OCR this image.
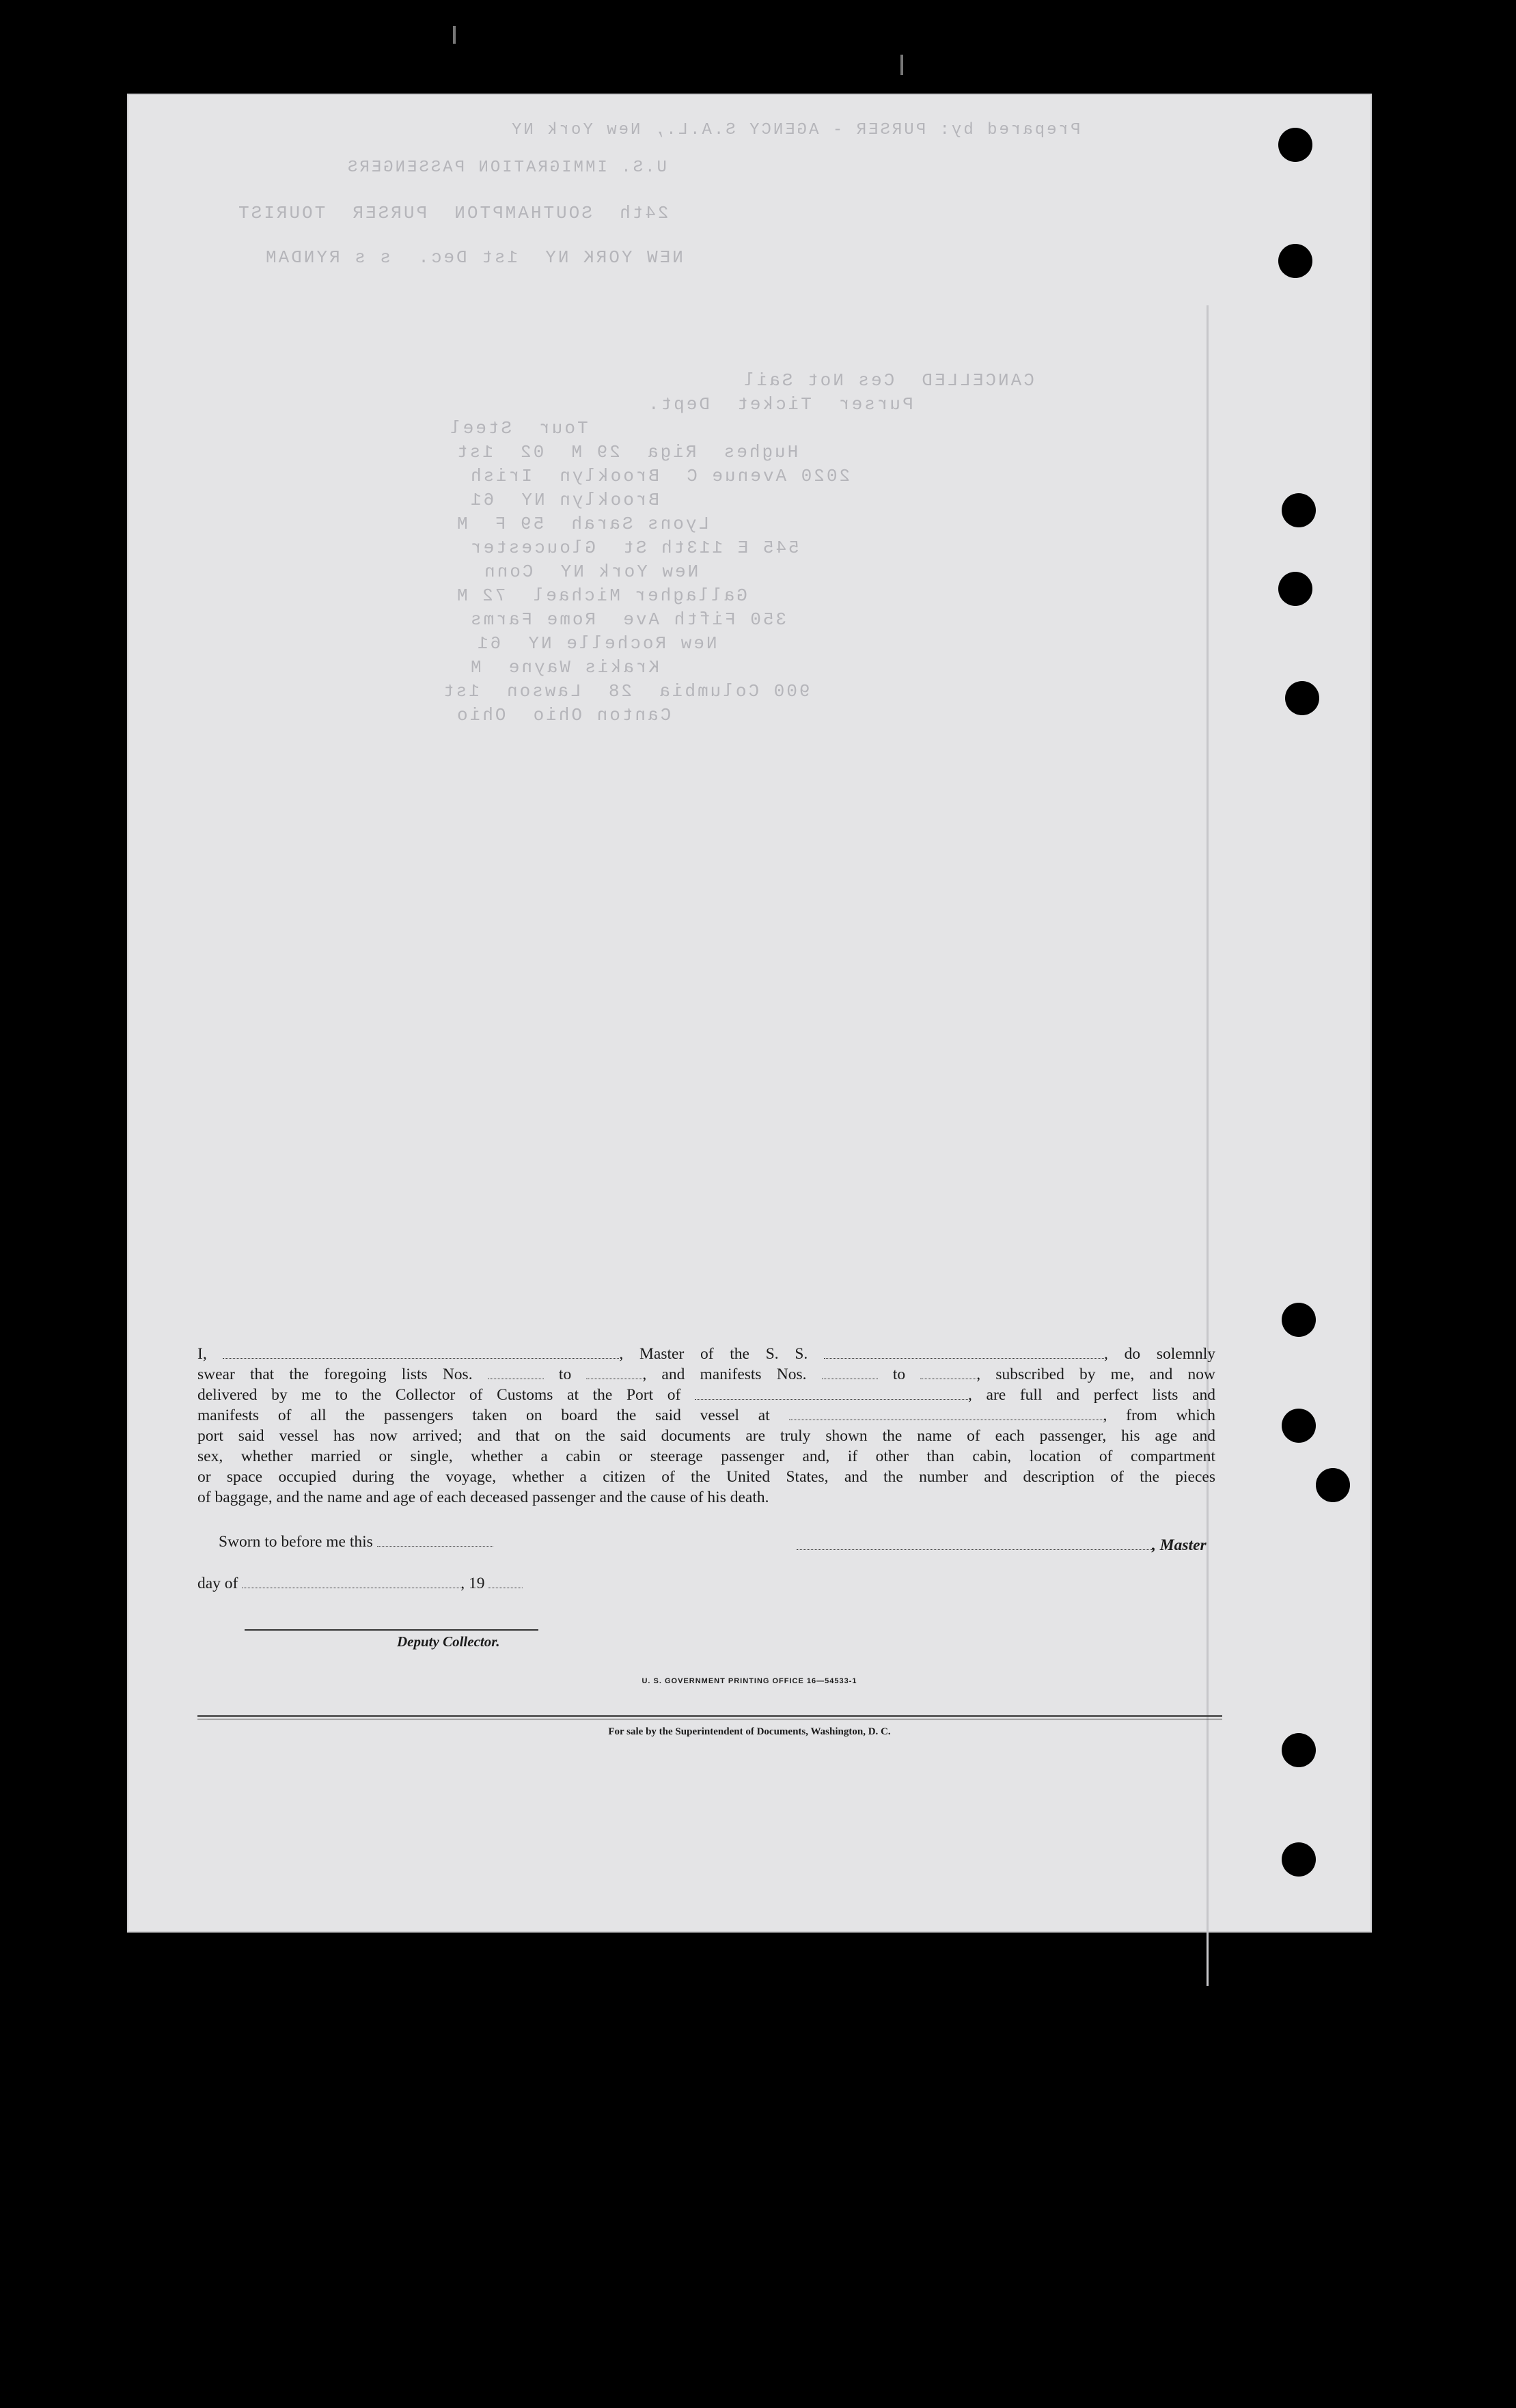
Prepared by: PURSER - AGENCY S.A.L., New York NY
U.S. IMMIGRATION PASSENGERS
24th  SOUTHAMPTON  PURSER  TOURIST
NEW YORK NY  1st Dec.  s s RYNDAM
CANCELLED  Ces Not Sail
Purser  Ticket  Dept.
Tour  Steel
Hughes  Riga  29 M  02  1st
2020 Avenue C  Brooklyn  Irish
Brooklyn NY  61
Lyons Sarah  59 F  M
545 E 113th St  Gloucester
New York NY  Conn
Gallagher Michael  72 M
350 Fifth Ave  Rome Farms
New Rochelle NY  61
Krakis Wayne  M
900 Columbia  28  Lawson  1st
Canton Ohio  Ohio
I,	, Master of the S. S.	, do solemnly
swear that the foregoing lists Nos.	to	, and manifests Nos.	to	, subscribed by me, and now
delivered by me to the Collector of Customs at the Port of	, are full and perfect lists and
manifests of all the passengers taken on board the said vessel at	, from which
port said vessel has now arrived; and that on the said documents are truly shown the name of each passenger, his age and
sex, whether married or single, whether a cabin or steerage passenger and, if other than cabin, location of compartment
or space occupied during the voyage, whether a citizen of the United States, and the number and description of the pieces
of baggage, and the name and age of each deceased passenger and the cause of his death.
Sworn to before me this	, Master
day of	, 19
Deputy Collector.
U. S. GOVERNMENT PRINTING OFFICE 16—54533-1
For sale by the Superintendent of Documents, Washington, D. C.
